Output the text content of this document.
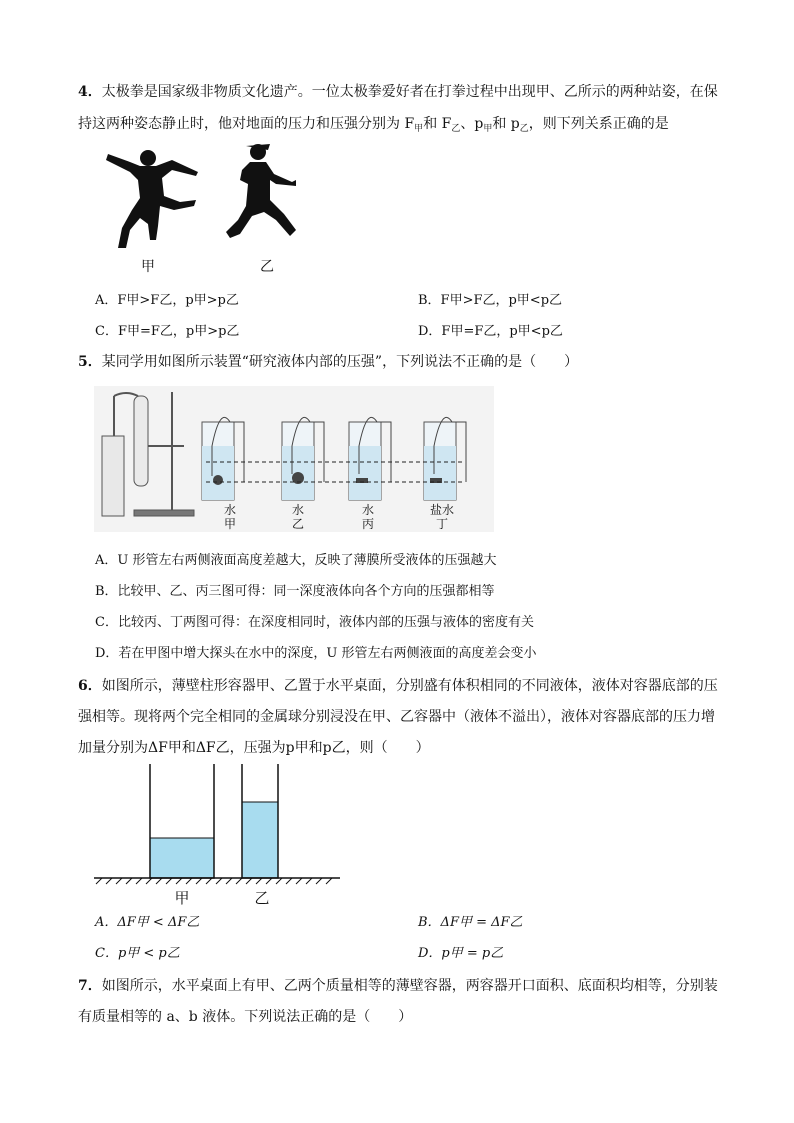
4．太极拳是国家级非物质文化遗产。一位太极拳爱好者在打拳过程中出现甲、乙所示的两种站姿，在保
持这两种姿态静止时，他对地面的压力和压强分别为 $F_甲$和 $F_乙$、$p_甲$和 $p_乙$，则下列关系正确的是
甲	乙
A．F甲>F乙，p甲>p乙	B．F甲>F乙，p甲<p乙
C．F甲=F乙，p甲>p乙	D．F甲=F乙，p甲<p乙
5．某同学用如图所示装置“研究液体内部的压强”，下列说法不正确的是（　　）
水
甲
水
乙
水
丙
盐水
丁
A．U 形管左右两侧液面高度差越大，反映了薄膜所受液体的压强越大
B．比较甲、乙、丙三图可得：同一深度液体向各个方向的压强都相等
C．比较丙、丁两图可得：在深度相同时，液体内部的压强与液体的密度有关
D．若在甲图中增大探头在水中的深度，U 形管左右两侧液面的高度差会变小
6．如图所示，薄壁柱形容器甲、乙置于水平桌面，分别盛有体积相同的不同液体，液体对容器底部的压
强相等。现将两个完全相同的金属球分别浸没在甲、乙容器中（液体不溢出），液体对容器底部的压力增
加量分别为ΔF甲和ΔF乙，压强为p甲和p乙，则（　　）
甲	乙
A．ΔF甲 < ΔF乙	B．ΔF甲 = ΔF乙
C．p甲 < p乙	D．p甲 = p乙
7．如图所示，水平桌面上有甲、乙两个质量相等的薄壁容器，两容器开口面积、底面积均相等，分别装
有质量相等的 a、b 液体。下列说法正确的是（　　）
